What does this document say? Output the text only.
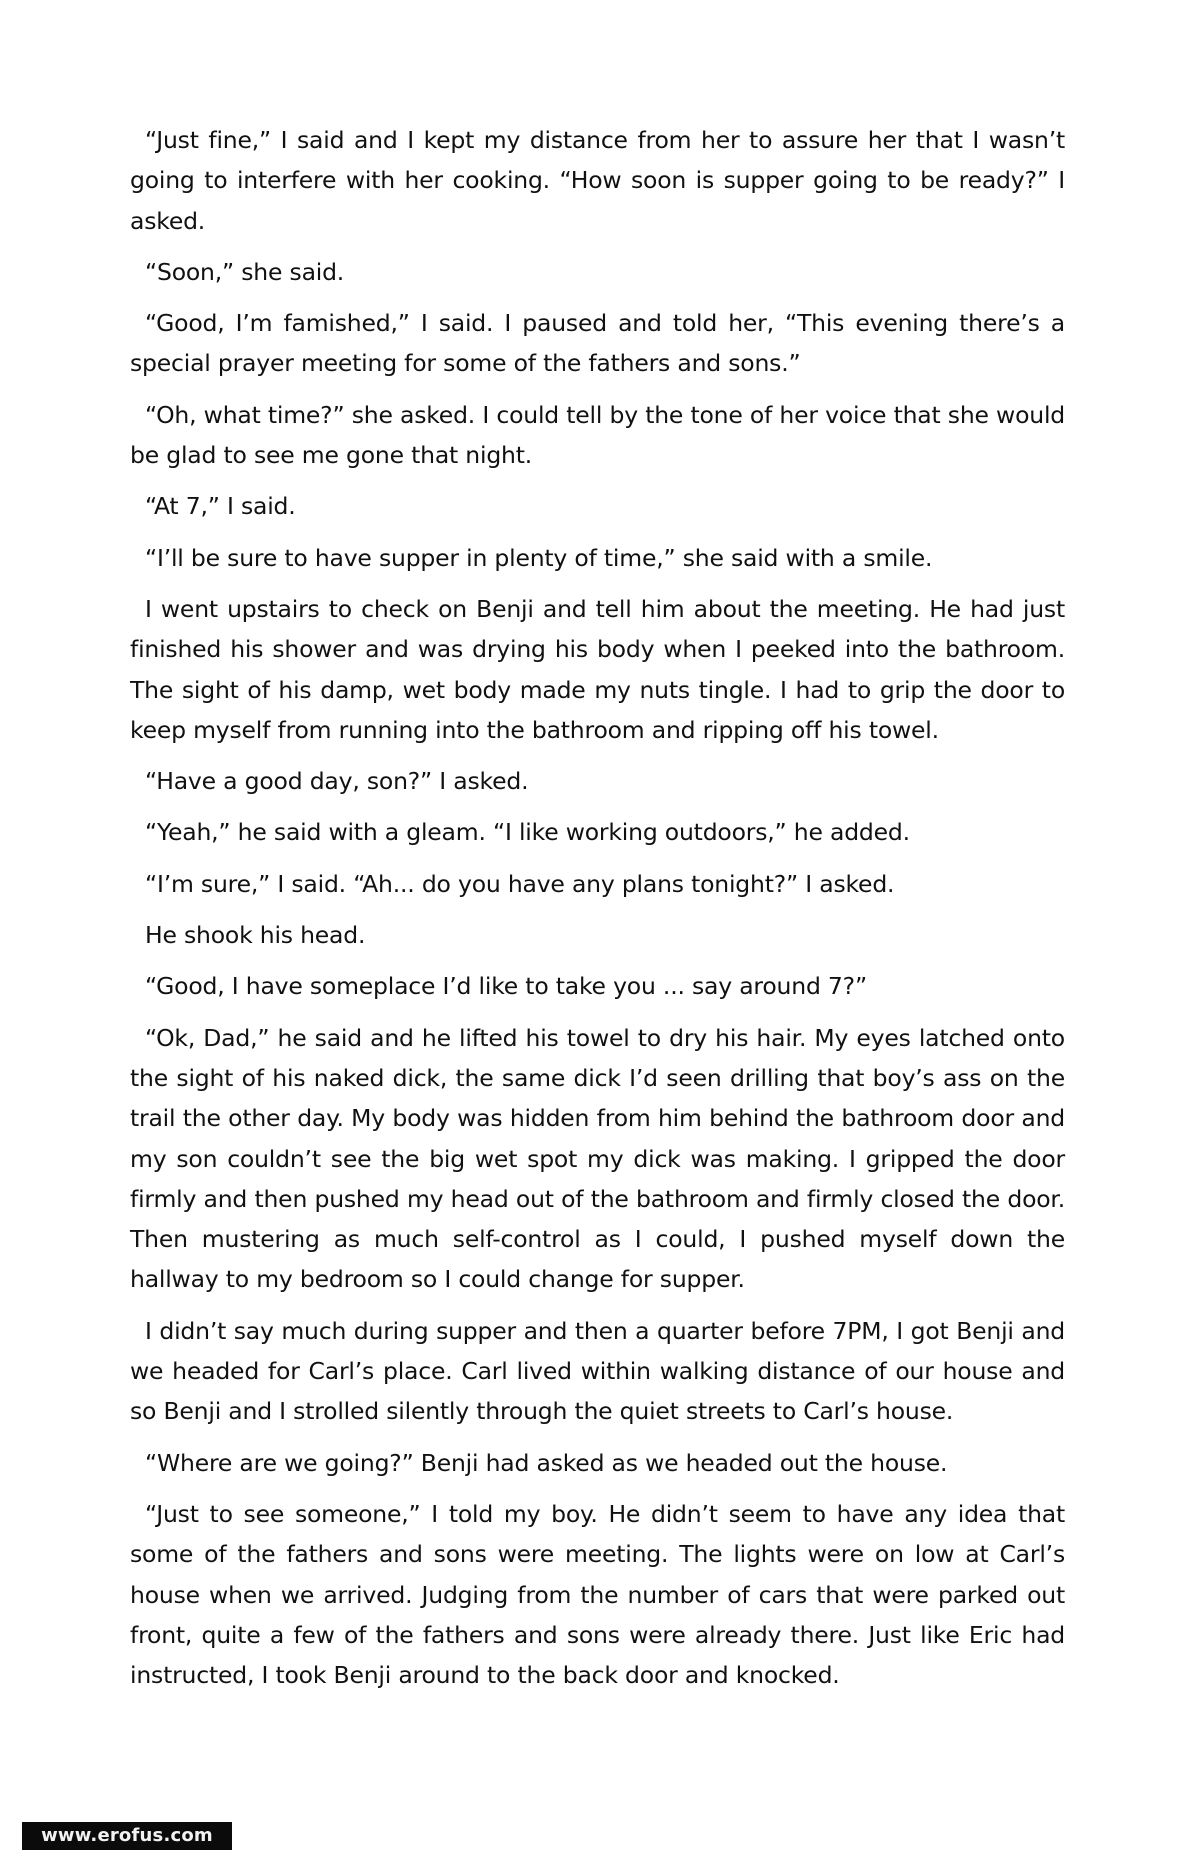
“Just fine,” I said and I kept my distance from her to assure her that I wasn’t going to interfere with her cooking. “How soon is supper going to be ready?” I asked.

“Soon,” she said.

“Good, I’m famished,” I said. I paused and told her, “This evening there’s a special prayer meeting for some of the fathers and sons.”

“Oh, what time?” she asked. I could tell by the tone of her voice that she would be glad to see me gone that night.

“At 7,” I said.

“I’ll be sure to have supper in plenty of time,” she said with a smile.

I went upstairs to check on Benji and tell him about the meeting. He had just finished his shower and was drying his body when I peeked into the bathroom. The sight of his damp, wet body made my nuts tingle. I had to grip the door to keep myself from running into the bathroom and ripping off his towel.

“Have a good day, son?” I asked.

“Yeah,” he said with a gleam. “I like working outdoors,” he added.

“I’m sure,” I said. “Ah... do you have any plans tonight?” I asked.

He shook his head.

“Good, I have someplace I’d like to take you ... say around 7?”

“Ok, Dad,” he said and he lifted his towel to dry his hair. My eyes latched onto the sight of his naked dick, the same dick I’d seen drilling that boy’s ass on the trail the other day. My body was hidden from him behind the bathroom door and my son couldn’t see the big wet spot my dick was making. I gripped the door firmly and then pushed my head out of the bathroom and firmly closed the door. Then mustering as much self-control as I could, I pushed myself down the hallway to my bedroom so I could change for supper.

I didn’t say much during supper and then a quarter before 7PM, I got Benji and we headed for Carl’s place. Carl lived within walking distance of our house and so Benji and I strolled silently through the quiet streets to Carl’s house.

“Where are we going?” Benji had asked as we headed out the house.

“Just to see someone,” I told my boy. He didn’t seem to have any idea that some of the fathers and sons were meeting. The lights were on low at Carl’s house when we arrived. Judging from the number of cars that were parked out front, quite a few of the fathers and sons were already there. Just like Eric had instructed, I took Benji around to the back door and knocked.

www.erofus.com
